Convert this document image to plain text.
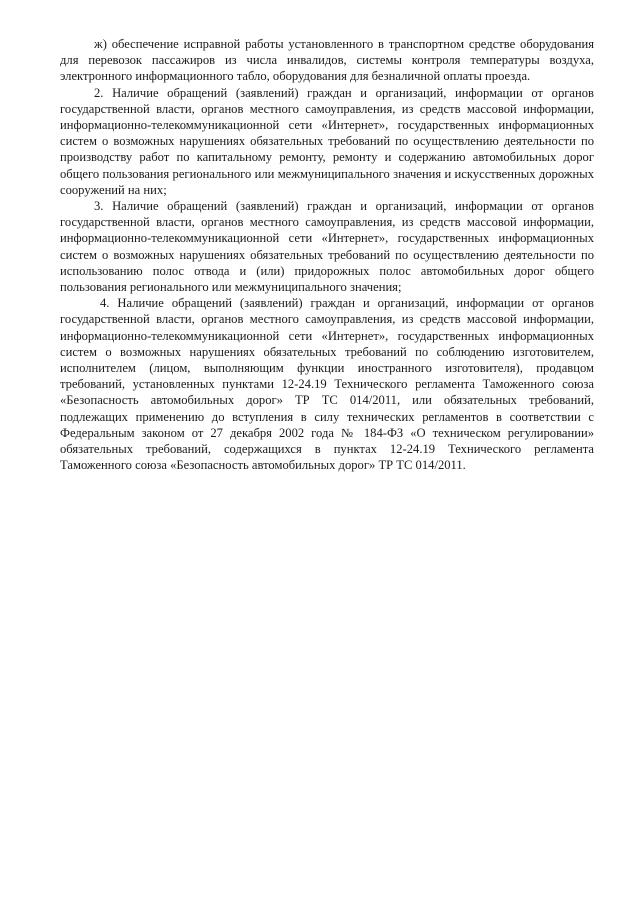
ж) обеспечение исправной работы установленного в транспортном средстве оборудования для перевозок пассажиров из числа инвалидов, системы контроля температуры воздуха, электронного информационного табло, оборудования для безналичной оплаты проезда.

2. Наличие обращений (заявлений) граждан и организаций, информации от органов государственной власти, органов местного самоуправления, из средств массовой информации, информационно-телекоммуникационной сети «Интернет», государственных информационных систем о возможных нарушениях обязательных требований по осуществлению деятельности по производству работ по капитальному ремонту, ремонту и содержанию автомобильных дорог общего пользования регионального или межмуниципального значения и искусственных дорожных сооружений на них;

3. Наличие обращений (заявлений) граждан и организаций, информации от органов государственной власти, органов местного самоуправления, из средств массовой информации, информационно-телекоммуникационной сети «Интернет», государственных информационных систем о возможных нарушениях обязательных требований по осуществлению деятельности по использованию полос отвода и (или) придорожных полос автомобильных дорог общего пользования регионального или межмуниципального значения;

4. Наличие обращений (заявлений) граждан и организаций, информации от органов государственной власти, органов местного самоуправления, из средств массовой информации, информационно-телекоммуникационной сети «Интернет», государственных информационных систем о возможных нарушениях обязательных требований по соблюдению изготовителем, исполнителем (лицом, выполняющим функции иностранного изготовителя), продавцом требований, установленных пунктами 12-24.19 Технического регламента Таможенного союза «Безопасность автомобильных дорог» ТР ТС 014/2011, или обязательных требований, подлежащих применению до вступления в силу технических регламентов в соответствии с Федеральным законом от 27 декабря 2002 года № 184-ФЗ «О техническом регулировании» обязательных требований, содержащихся в пунктах 12-24.19 Технического регламента Таможенного союза «Безопасность автомобильных дорог» ТР ТС 014/2011.
